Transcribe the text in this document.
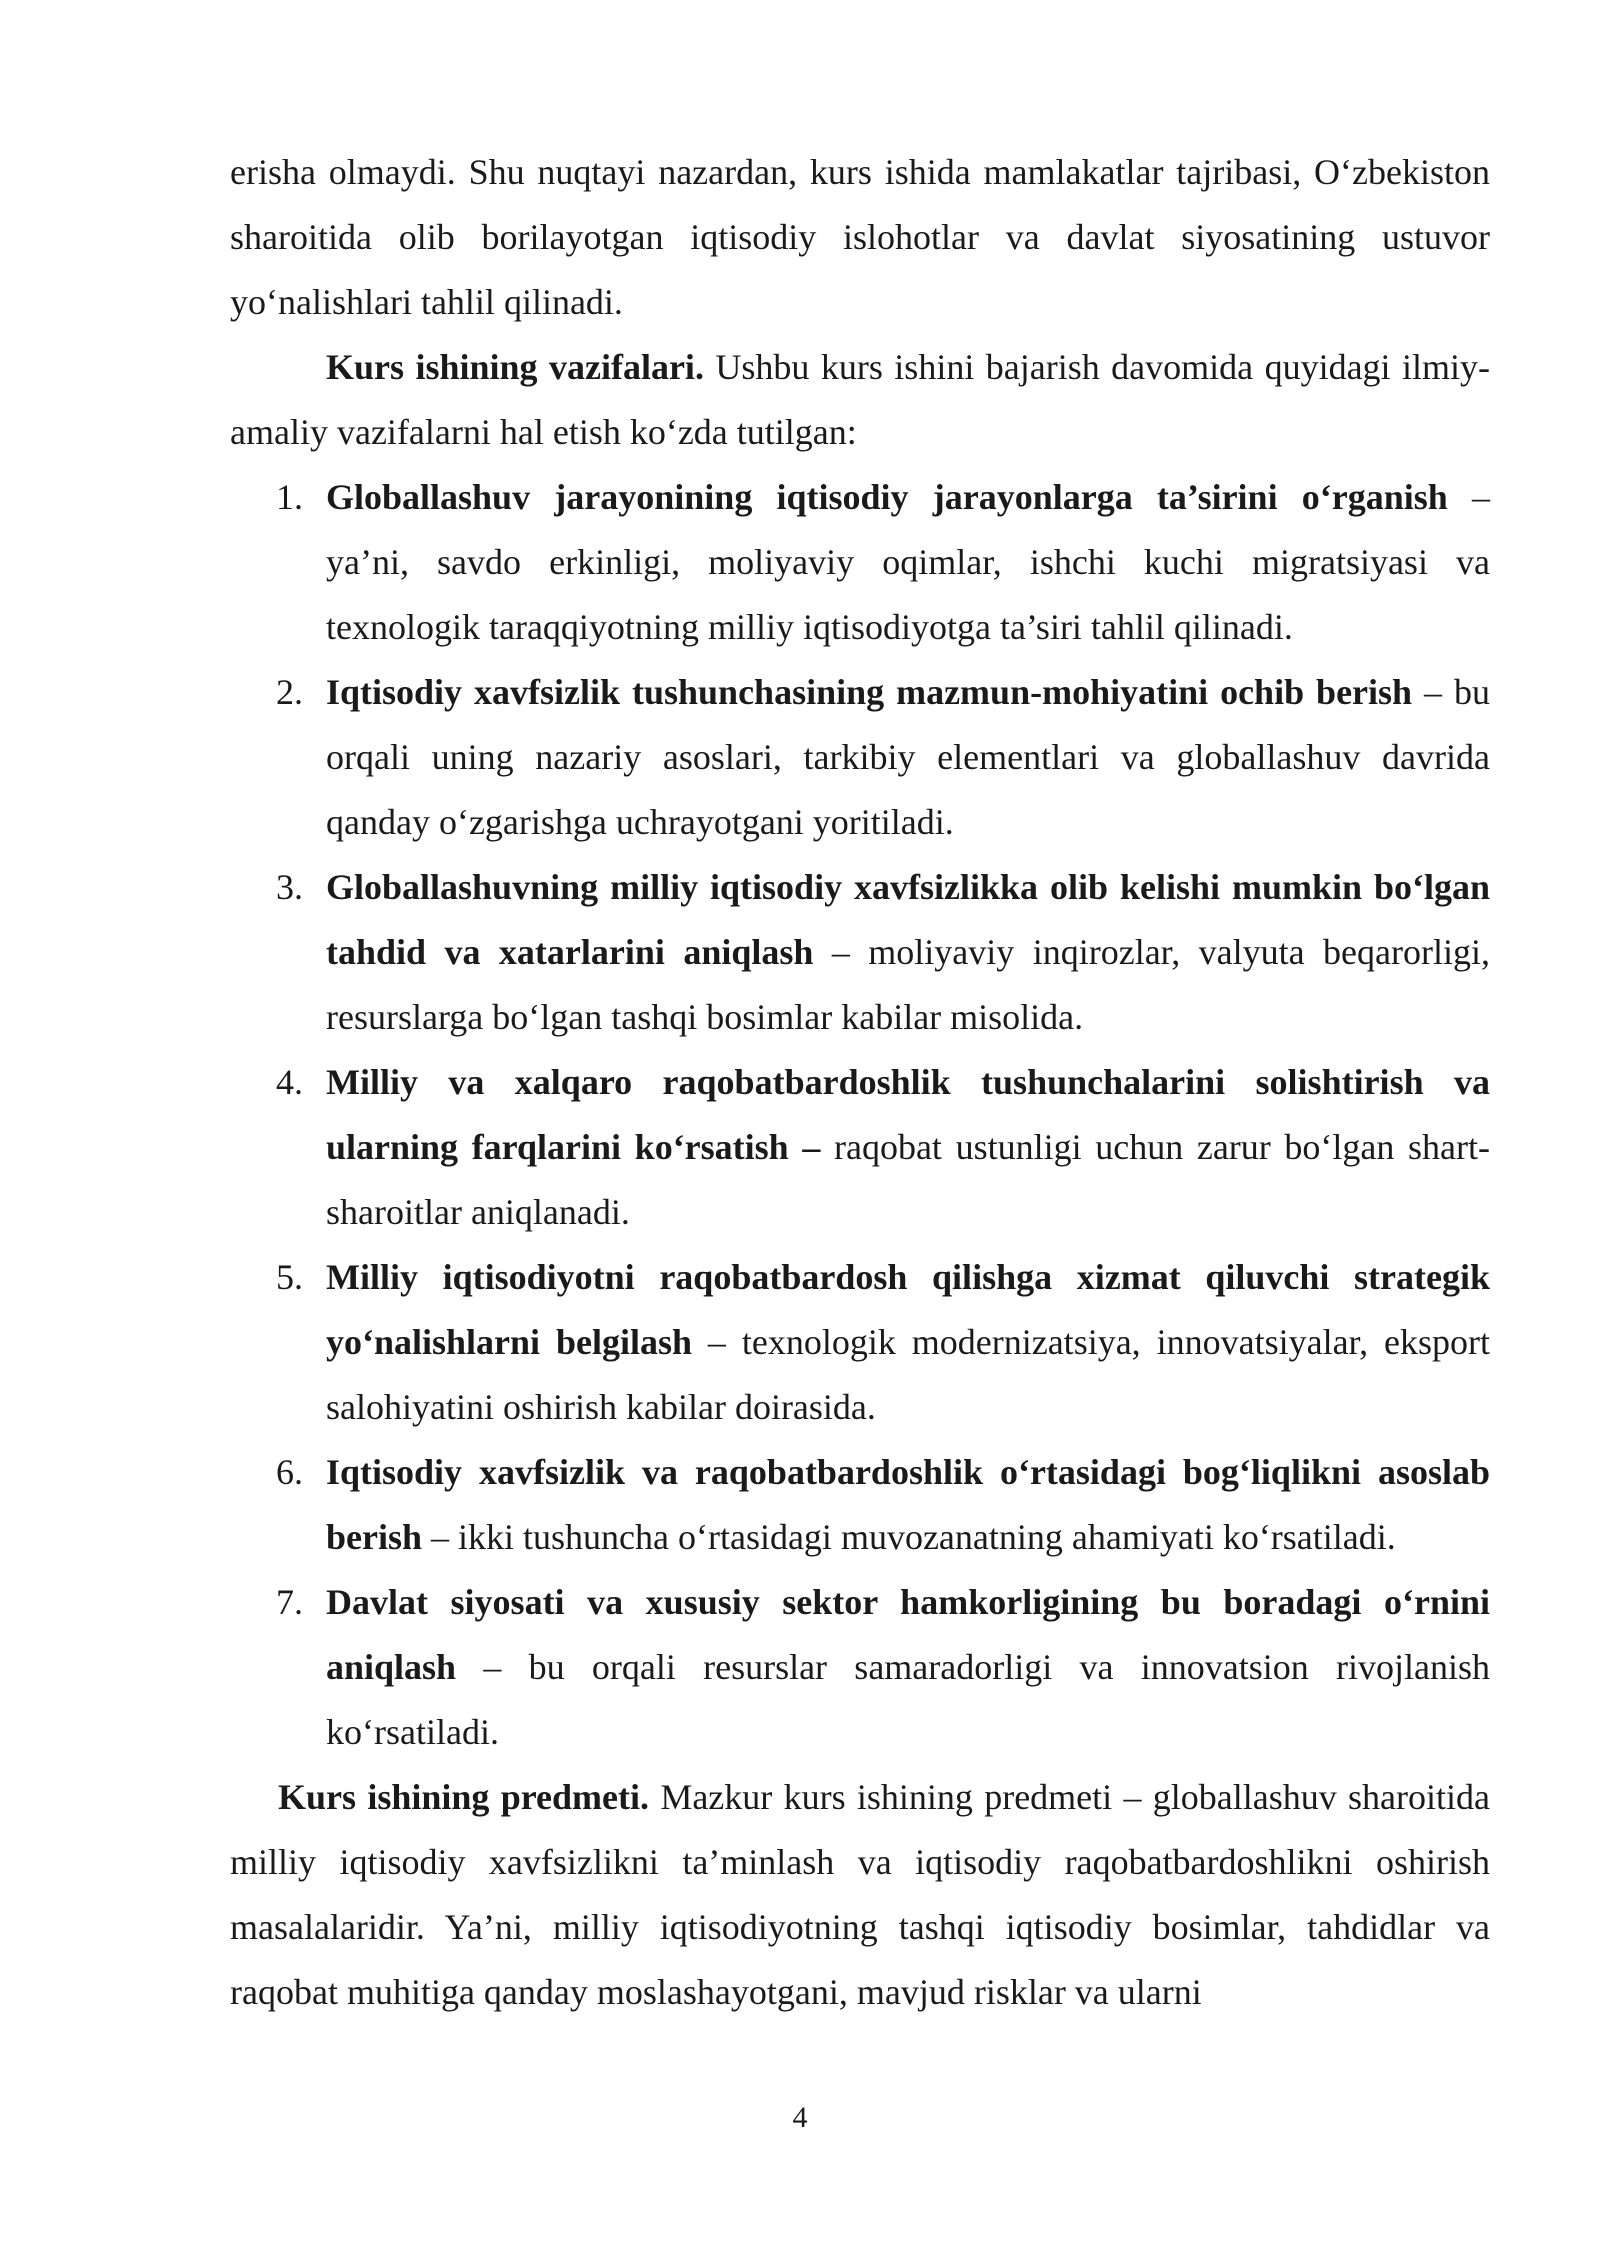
erisha olmaydi. Shu nuqtayi nazardan, kurs ishida mamlakatlar tajribasi, Oʻzbekiston sharoitida olib borilayotgan iqtisodiy islohotlar va davlat siyosatining ustuvor yoʻnalishlari tahlil qilinadi.

Kurs ishining vazifalari. Ushbu kurs ishini bajarish davomida quyidagi ilmiy-amaliy vazifalarni hal etish koʻzda tutilgan:

1. Globallashuv jarayonining iqtisodiy jarayonlarga ta’sirini oʻrganish – ya’ni, savdo erkinligi, moliyaviy oqimlar, ishchi kuchi migratsiyasi va texnologik taraqqiyotning milliy iqtisodiyotga ta’siri tahlil qilinadi.
2. Iqtisodiy xavfsizlik tushunchasining mazmun-mohiyatini ochib berish – bu orqali uning nazariy asoslari, tarkibiy elementlari va globallashuv davrida qanday oʻzgarishga uchrayotgani yoritiladi.
3. Globallashuvning milliy iqtisodiy xavfsizlikka olib kelishi mumkin boʻlgan tahdid va xatarlarini aniqlash – moliyaviy inqirozlar, valyuta beqarorligi, resurslarga boʻlgan tashqi bosimlar kabilar misolida.
4. Milliy va xalqaro raqobatbardoshlik tushunchalarini solishtirish va ularning farqlarini koʻrsatish – raqobat ustunligi uchun zarur boʻlgan shart-sharoitlar aniqlanadi.
5. Milliy iqtisodiyotni raqobatbardosh qilishga xizmat qiluvchi strategik yoʻnalishlarni belgilash – texnologik modernizatsiya, innovatsiyalar, eksport salohiyatini oshirish kabilar doirasida.
6. Iqtisodiy xavfsizlik va raqobatbardoshlik oʻrtasidagi bogʻliqlikni asoslab berish – ikki tushuncha oʻrtasidagi muvozanatning ahamiyati koʻrsatiladi.
7. Davlat siyosati va xususiy sektor hamkorligining bu boradagi oʻrnini aniqlash – bu orqali resurslar samaradorligi va innovatsion rivojlanish koʻrsatiladi.

Kurs ishining predmeti. Mazkur kurs ishining predmeti – globallashuv sharoitida milliy iqtisodiy xavfsizlikni ta’minlash va iqtisodiy raqobatbardoshlikni oshirish masalalaridir. Ya’ni, milliy iqtisodiyotning tashqi iqtisodiy bosimlar, tahdidlar va raqobat muhitiga qanday moslashayotgani, mavjud risklar va ularni

4
